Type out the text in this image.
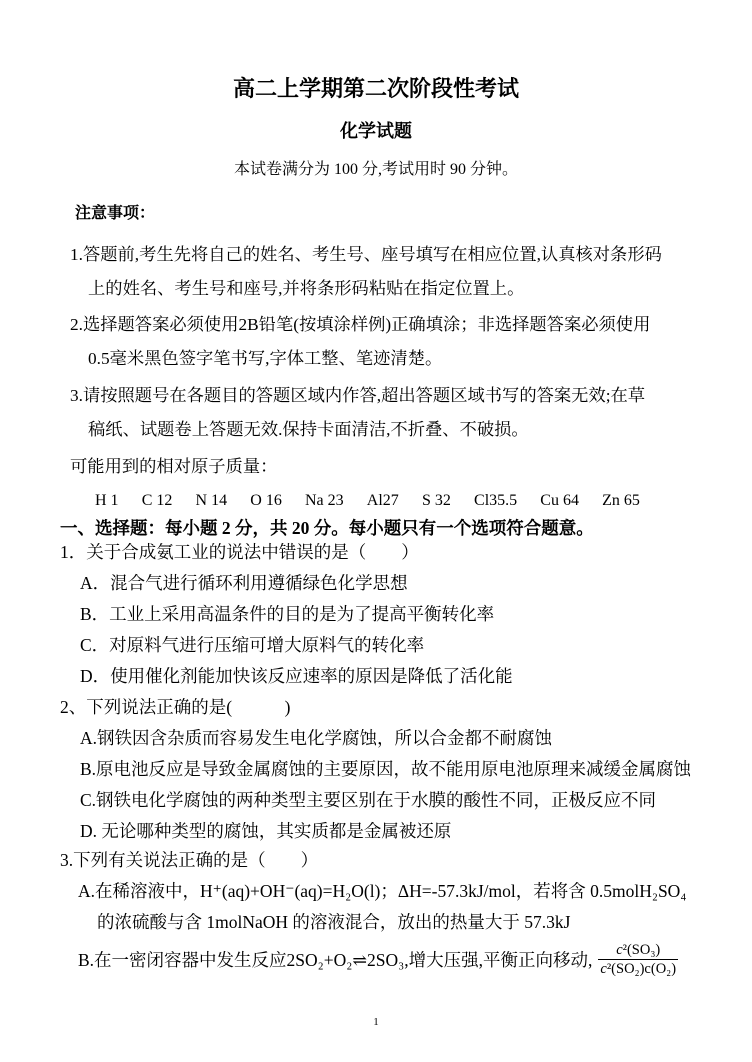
高二上学期第二次阶段性考试
化学试题
本试卷满分为 100 分,考试用时 90 分钟。
注意事项：
1.答题前,考生先将自己的姓名、考生号、座号填写在相应位置,认真核对条形码
上的姓名、考生号和座号,并将条形码粘贴在指定位置上。
2.选择题答案必须使用2B铅笔(按填涂样例)正确填涂；非选择题答案必须使用
0.5毫米黑色签字笔书写,字体工整、笔迹清楚。
3.请按照题号在各题目的答题区域内作答,超出答题区域书写的答案无效;在草
稿纸、试题卷上答题无效.保持卡面清洁,不折叠、不破损。
可能用到的相对原子质量：
H 1 C 12 N 14 O 16 Na 23 Al27 S 32 Cl35.5 Cu 64 Zn 65
一、选择题：每小题 2 分，共 20 分。每小题只有一个选项符合题意。
1．关于合成氨工业的说法中错误的是（　　）
A．混合气进行循环利用遵循绿色化学思想
B．工业上采用高温条件的目的是为了提高平衡转化率
C．对原料气进行压缩可增大原料气的转化率
D．使用催化剂能加快该反应速率的原因是降低了活化能
2、下列说法正确的是(　　　)
A.钢铁因含杂质而容易发生电化学腐蚀，所以合金都不耐腐蚀
B.原电池反应是导致金属腐蚀的主要原因，故不能用原电池原理来减缓金属腐蚀
C.钢铁电化学腐蚀的两种类型主要区别在于水膜的酸性不同，正极反应不同
D. 无论哪种类型的腐蚀，其实质都是金属被还原
3.下列有关说法正确的是（　　）
A.在稀溶液中，H⁺(aq)+OH⁻(aq)=H₂O(l)；ΔH=-57.3kJ/mol，若将含 0.5molH₂SO₄
的浓硫酸与含 1molNaOH 的溶液混合，放出的热量大于 57.3kJ
B.在一密闭容器中发生反应2SO₂+O₂⇌2SO₃,增大压强,平衡正向移动, $\frac{\text{c²(SO₃)}}{\text{c²(SO₂)c(O₂)}}$
1
